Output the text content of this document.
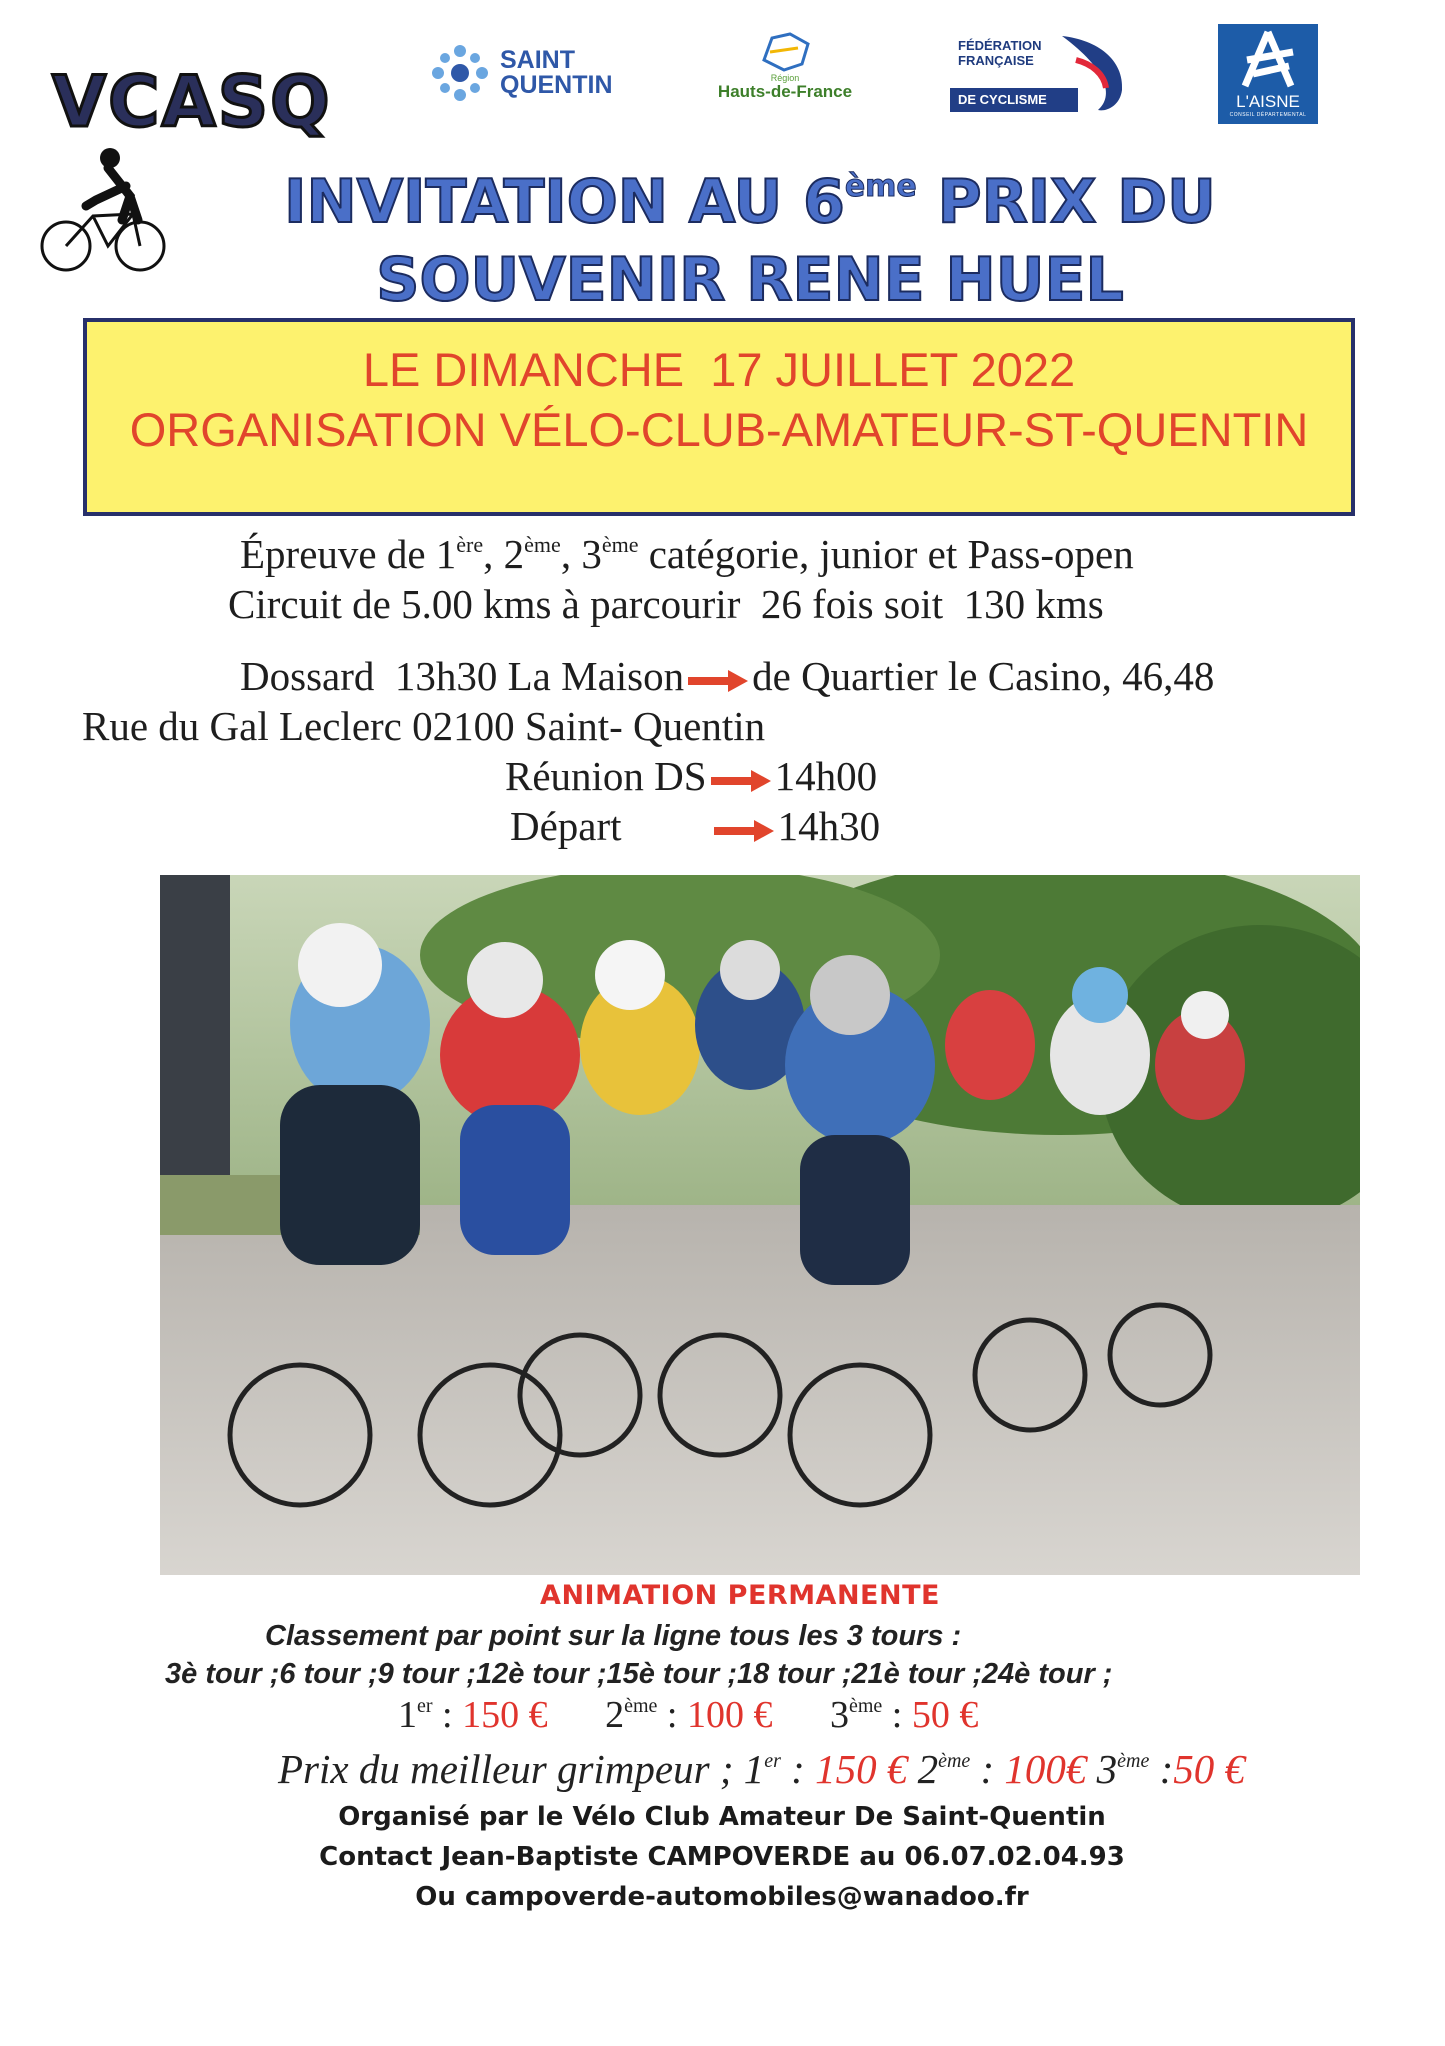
VCASQ
SAINT
QUENTIN	Région
Hauts-de-France
FÉDÉRATION
FRANÇAISE
DE CYCLISME	L'AISNE
CONSEIL DÉPARTEMENTAL
INVITATION AU 6ème PRIX DU
SOUVENIR RENE HUEL
LE DIMANCHE  17 JUILLET 2022
ORGANISATION VÉLO-CLUB-AMATEUR-ST-QUENTIN
Épreuve de 1ère, 2ème, 3ème catégorie, junior et Pass-open
Circuit de 5.00 kms à parcourir  26 fois soit  130 kms
Dossard  13h30 La Maison de Quartier le Casino, 46,48
Rue du Gal Leclerc 02100 Saint- Quentin
Réunion DS 14h00
Départ	14h30
ANIMATION PERMANENTE
Classement par point sur la ligne tous les 3 tours :
3è tour ;6 tour ;9 tour ;12è tour ;15è tour ;18 tour ;21è tour ;24è tour ;
1er : 150 € 2ème : 100 € 3ème : 50 €
Prix du meilleur grimpeur ; 1er : 150 € 2ème : 100€ 3ème :50 €
Organisé par le Vélo Club Amateur De Saint-Quentin
Contact Jean-Baptiste CAMPOVERDE au 06.07.02.04.93
Ou campoverde-automobiles@wanadoo.fr
